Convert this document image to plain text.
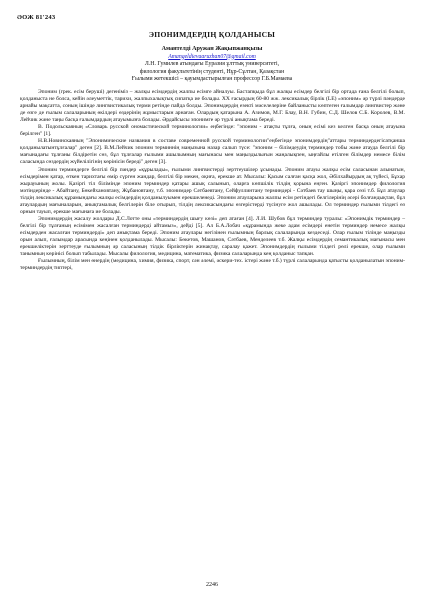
ӘОЖ 81'243
ЭПОНИМДЕРДІҢ ҚОЛДАНЫСЫ
Амантелді Аружан Жақыпжанқызы
Amangeldievaaruzhan07@gmail.com
Л.Н. Гумилев атындағы Еуразия ұлттық университеті,
филология факультетінің студенті, Нұр-Сұлтан, Қазақстан
Ғылыми жетекшісі – қауымдастырылған профессор Г.Б.Мамаева

Эпоним (грек. есім беруші) дегеніміз – жалқы есімдердің жалпы есімге айналуы. Бастапқыда бұл жалқы есімдер белгілі бір ортада ғана белгілі болып, қолданыста не болса, кейін әлеуметтік, тарихи, жалпыхалықтық сипатқа ие болады. XX ғасырдың 60-80 жж. лексикалық бірлік (LE) «эпоним» әр түрлі пәндерде арнайы мақсатта, соның ішінде лингвистикалық терми ретінде пайда болды. Эпонимдердің езекті мәселелеріне байланысты көптеген ғалымдар лингвистер және де өзге де ғылым салаларының өкілдері өздерінің жұмыстарын арнаған. Олардың қатарына А. Азимов, М.Г. Блау, В.Н. Губин, С.Д. Шелов С.Б. Королев, В.М. Лейчик және таңы басқа ғалымдардың атауымызға болады. Әрдайсысы эпонимге әр түрлі анықтама береді.

В. Подольскаяның «Словарь русской ономастической терминологии» еңбегінде: "эпоним - атақты тұлға, оның есімі кез келген басқа оның атауына берілген" [1].

Н.В.Новинскаяның "Эпонимические названия в составе современной русской терминологии"еңбегінде эпонимдердің"аттары терминдердегісатқанша қолданылатынтұлғалар" деген [2]. В.М.Лейчик эпоним терминнің маңызына назар салып түсе: "эпоним – білімдеудің терминдер тобы және атауда белгілі бір мағынадағы тұлғаны білдіретін сөз, бұл тұлғалар ғылыми ашылымның мағынасы мен маңыздылығын жаңалықпен, ыңғайлы етілген білімдер немесе білім саласында сөздердің жүйелілігінің көрінісін береді" деген [3].

Эпоним терминдерге белгілі бір пәндер «құрылады», ғылыми лингвистерді зерттеушілер ұсынады. Эпоним атауы жалқы есім саласынан алынатын, есімдерімен қатар, өткен тарихтағы өмір сүрген жандар, белгілі бір мекен, оқиға, ерекше ат. Мысалы: Қасым салған қасқа жол, Әбілхайырдың ақ түйесі, Бұхар жырауының жолы. Қазіргі тіл білімінде эпоним терминдер қатары ашық салынып, оларға көпшілік тілдің қорына еңген. Қазіргі эпонимдер филология мәтіндерінде - Абайтану, Бөкейхановтану, Жұбановтану, т.б. эпонимдер Сәтбаевтану, Сейфуллинтану терминдері - Сәтбаев тау шыңы, қара сөзі т.б. Бұл атаулар тілдің лексикалық құрамындағы жалқы есімдердің қолданылуымен ерекшеленеді. Эпоним атауларына жалпы есім ретіндегі белгілерінің әсері болғандықтан, бұл атаулардың мағыналарын, анықтамалық белгілерін біле отырып, тілдің лексикасындағы өзгерістерді түсінуге жол ашылады. Ол терминдер ғылыми тілдегі өз орнын тауып, ерекше мағынаға ие болады.

Эпонимдердің жасалу жолдары Д.С.Лотте оны «терминдердің шығу көзі» деп атаған [4]. Л.И. Шубов бұл терминдер туралы: «Эпонимдік терминдер – белгілі бір тұлғаның есімімен жасалған терминдерді айтамыз», дейді [5]. Ал Б.А.Лобач «құрамында жеке адам есімдері енетін терминдер немесе жалқы есімдерден жасалған терминдерді» деп анықтама береді. Эпоним атаулары негізінен ғылымның барлық салаларында кездеседі. Олар ғылым тілінде маңызды орын алып, ғалымдар арасында кеңінен қолданылады. Мысалы: Бөкетов, Машанов, Сәтбаев, Менделеев т.б. Жалқы есімдердің семантикалық мағынасы мен ерекшеліктерін зерттеуде ғылымның әр саласының тілдік бірліктерін жинақтау, саралау қажет. Эпонимдердің ғылыми тілдегі рөлі ерекше, олар ғылыми танымның көрінісі болып табылады. Мысалы филология, медицина, математика, физика салаларында кең қолданыс тапқан.

Ғылымның, білім мен өнердің (медицина, химия, физика, спорт, сән әлемі, әскери-тех. істері және т.б.) түрлі салаларында қатысты қолданылатын эпоним-терминдердің типтері,

2246
